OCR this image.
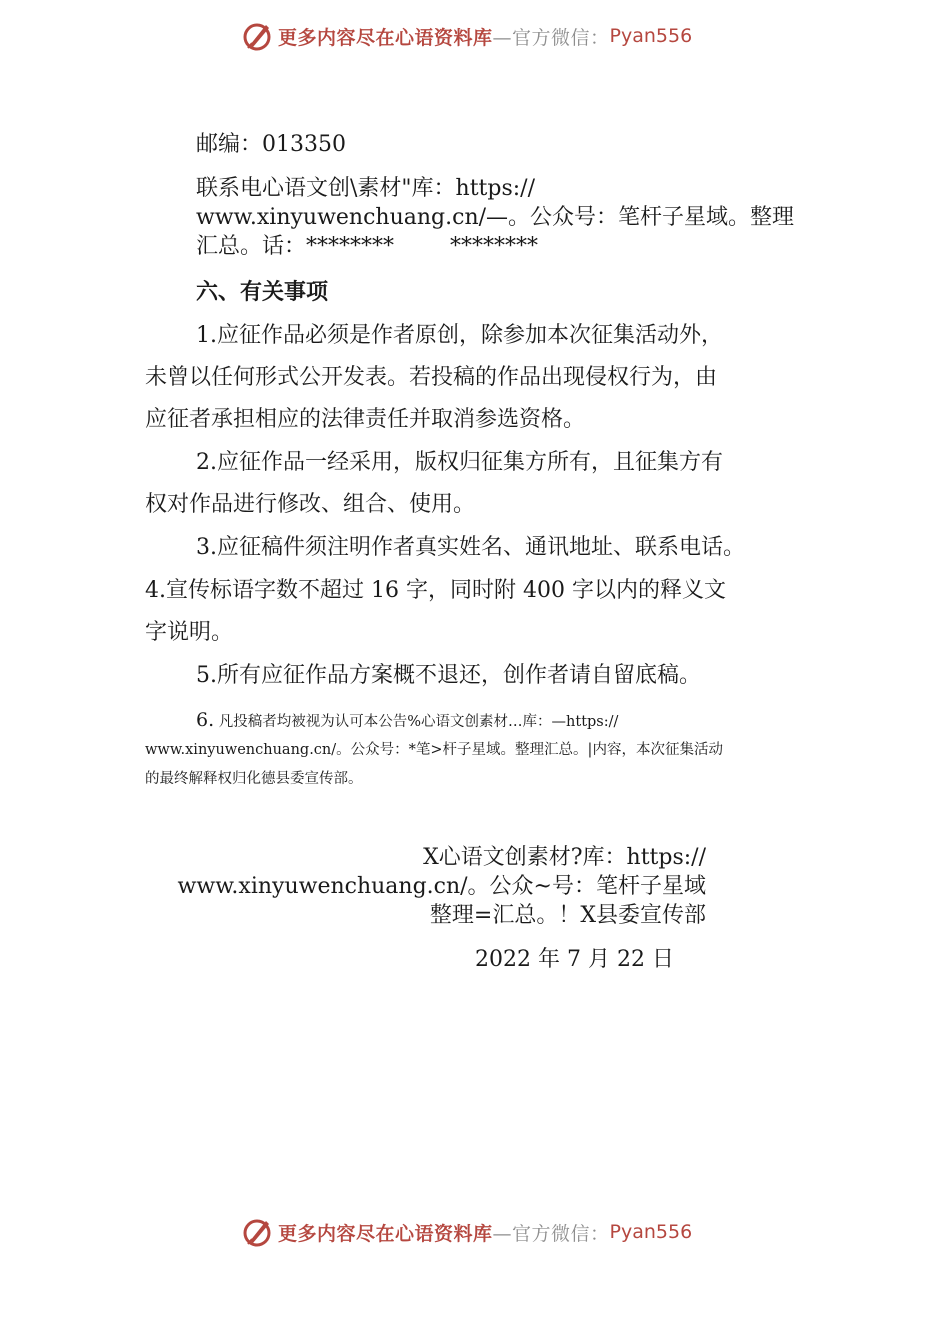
更多内容尽在心语资料库 —官方微信： Pyan556
邮编：013350
联系电心语文创\素材"库：https://
www.xinyuwenchuang.cn/—。公众号：笔杆子星域。整理
汇总。话：********        ********
六、有关事项
1.应征作品必须是作者原创，除参加本次征集活动外，
未曾以任何形式公开发表。若投稿的作品出现侵权行为，由
应征者承担相应的法律责任并取消参选资格。
2.应征作品一经采用，版权归征集方所有，且征集方有
权对作品进行修改、组合、使用。
3.应征稿件须注明作者真实姓名、通讯地址、联系电话。
4.宣传标语字数不超过 16 字，同时附 400 字以内的释义文
字说明。
5.所有应征作品方案概不退还，创作者请自留底稿。
6. 凡投稿者均被视为认可本公告%心语文创素材…库：—https://
www.xinyuwenchuang.cn/。公众号：*笔>杆子星域。整理汇总。|内容，本次征集活动
的最终解释权归化德县委宣传部。
X心语文创素材?库：https://
www.xinyuwenchuang.cn/。公众~号：笔杆子星域
整理=汇总。！X县委宣传部
2022 年 7 月 22 日
更多内容尽在心语资料库 —官方微信： Pyan556
